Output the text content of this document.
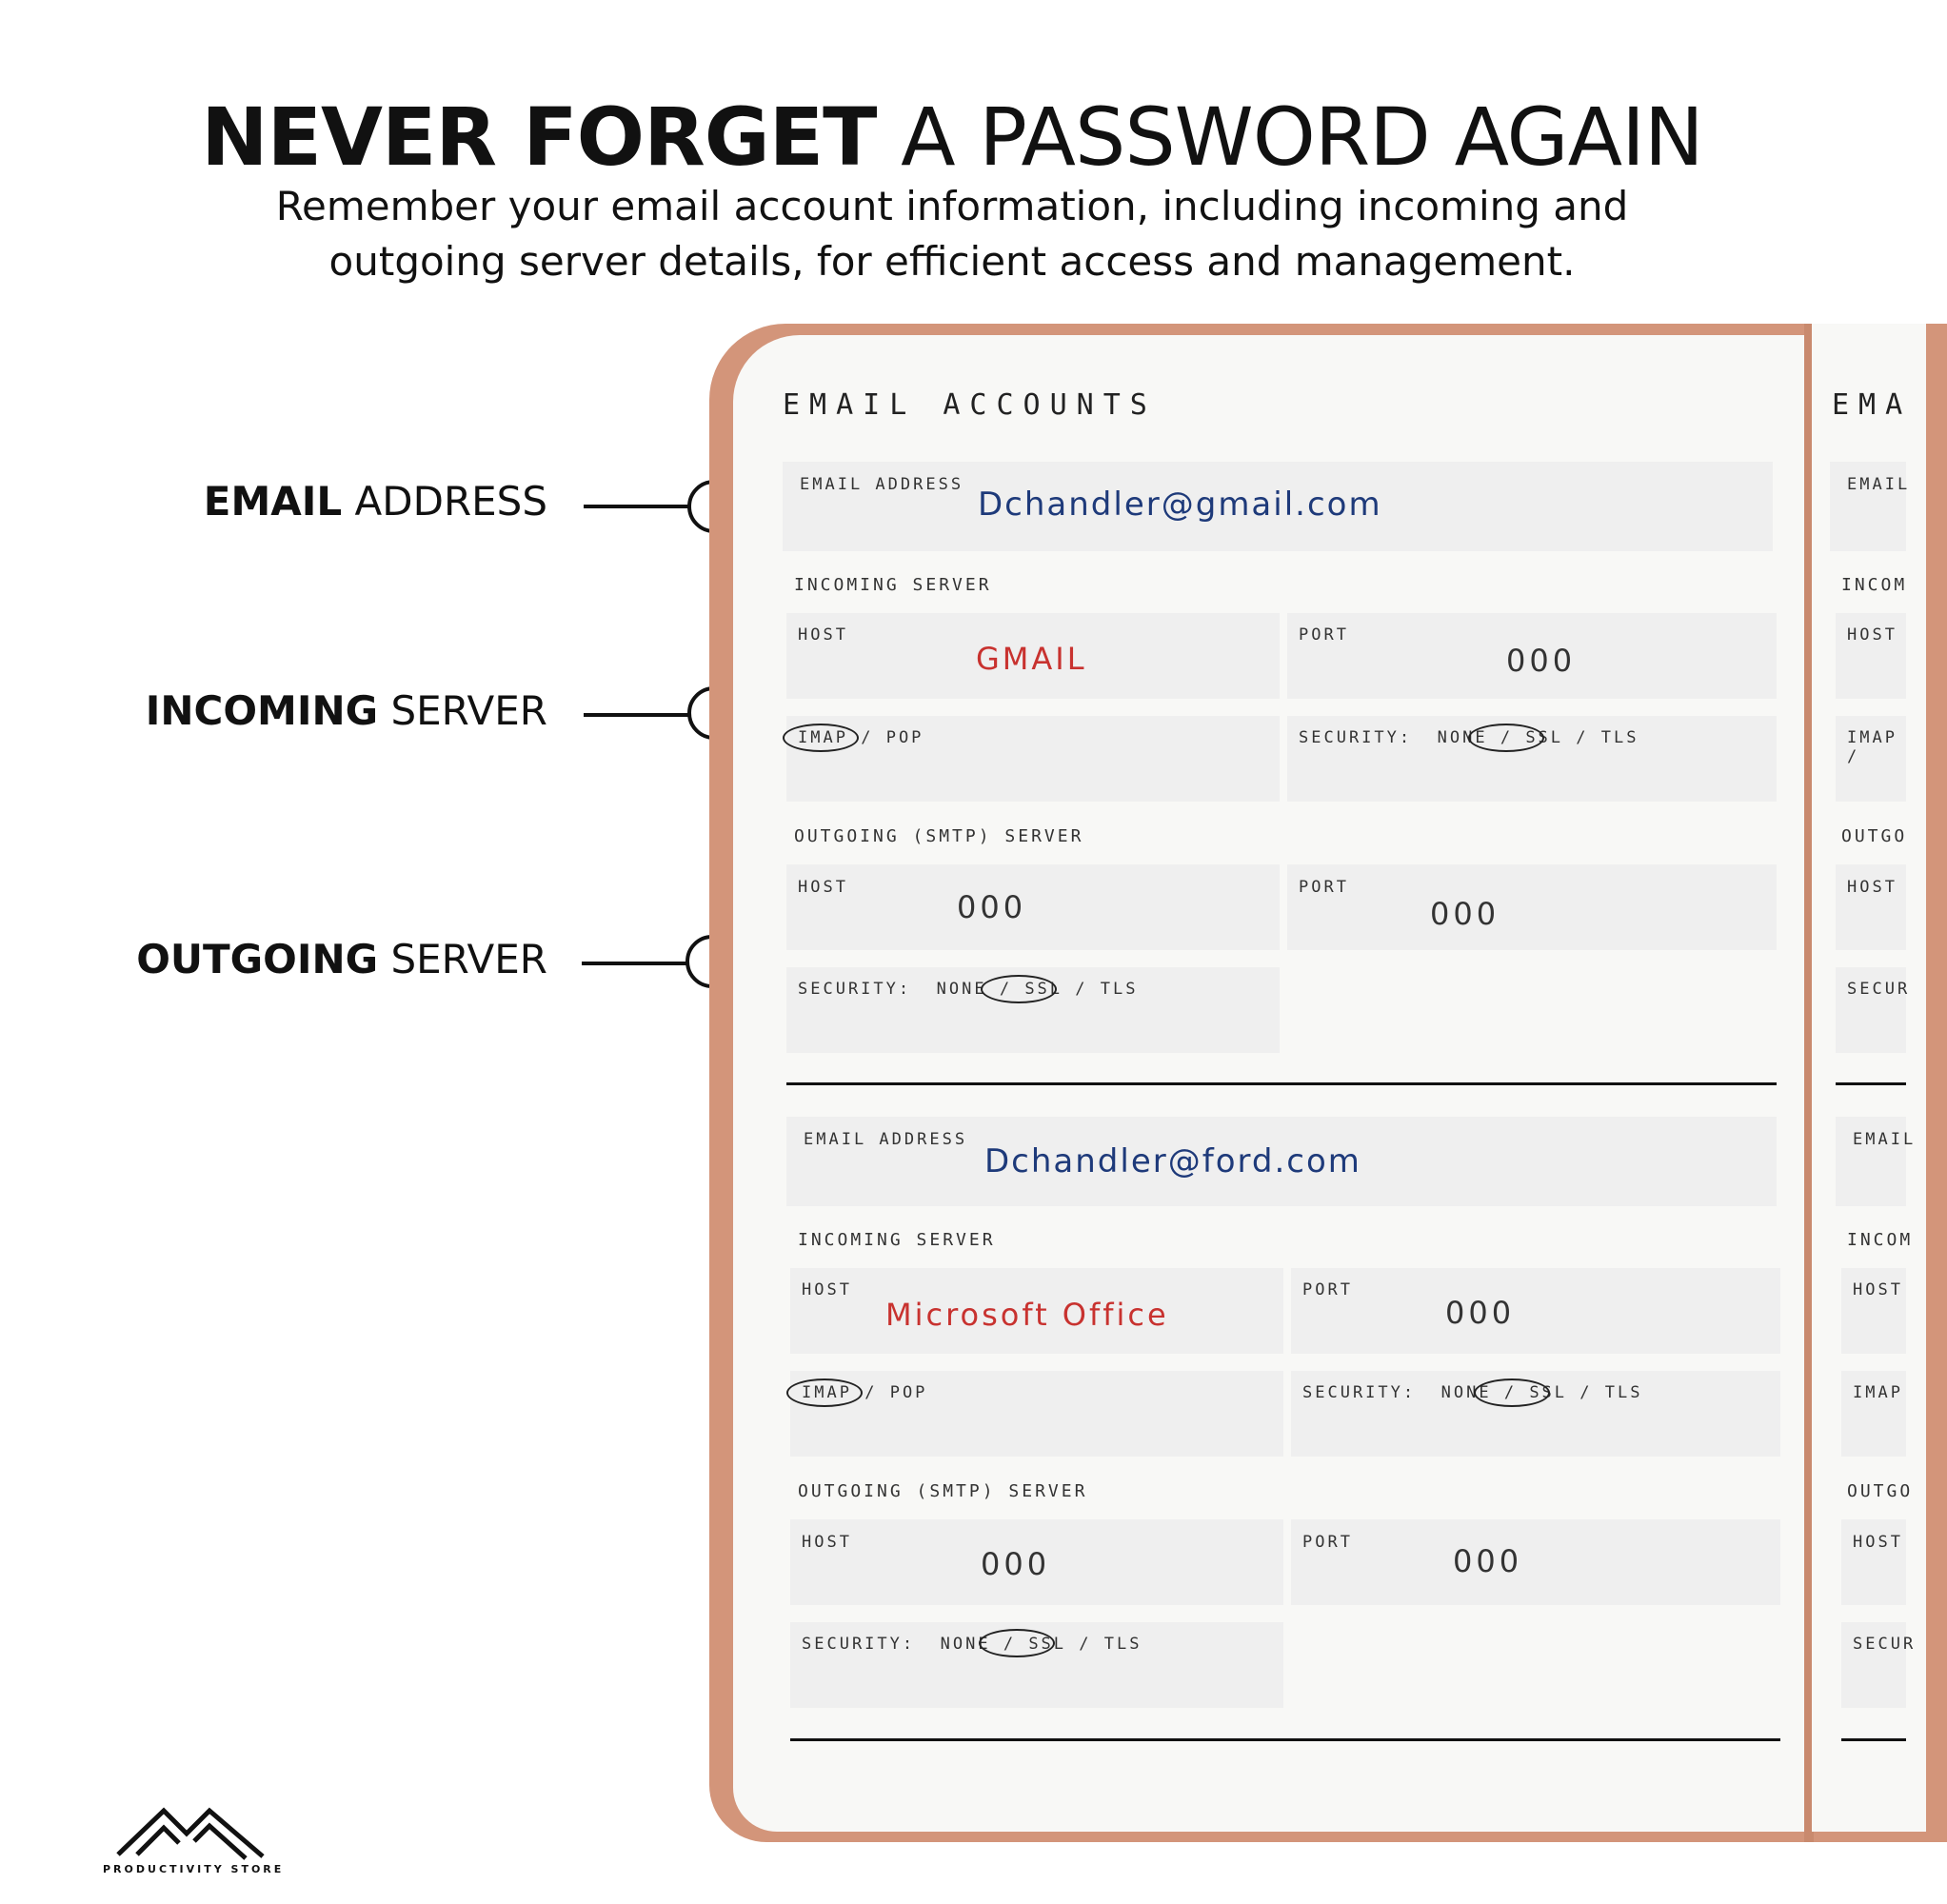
NEVER FORGET A PASSWORD AGAIN
Remember your email account information, including incoming and
outgoing server details, for efficient access and management.
EMAIL ADDRESS
INCOMING SERVER
OUTGOING SERVER
EMAIL ACCOUNTS
EMAIL ADDRESS
Dchandler@gmail.com
INCOMING SERVER
HOST
GMAIL
PORT
000
IMAP / POP	SECURITY: NONE / SSL / TLS
OUTGOING (SMTP) SERVER
HOST
000
PORT
000
SECURITY: NONE / SSL / TLS
EMAIL ADDRESS
Dchandler@ford.com
INCOMING SERVER
HOST
Microsoft Office
PORT
000
IMAP / POP	SECURITY: NONE / SSL / TLS
OUTGOING (SMTP) SERVER
HOST
000
PORT
000
SECURITY: NONE / SSL / TLS
EMA
EMAIL
INCOM
HOST
IMAP /
OUTGO
HOST
SECUR
EMAIL
INCOM
HOST
IMAP
OUTGO
HOST
SECUR
PRODUCTIVITY STORE
